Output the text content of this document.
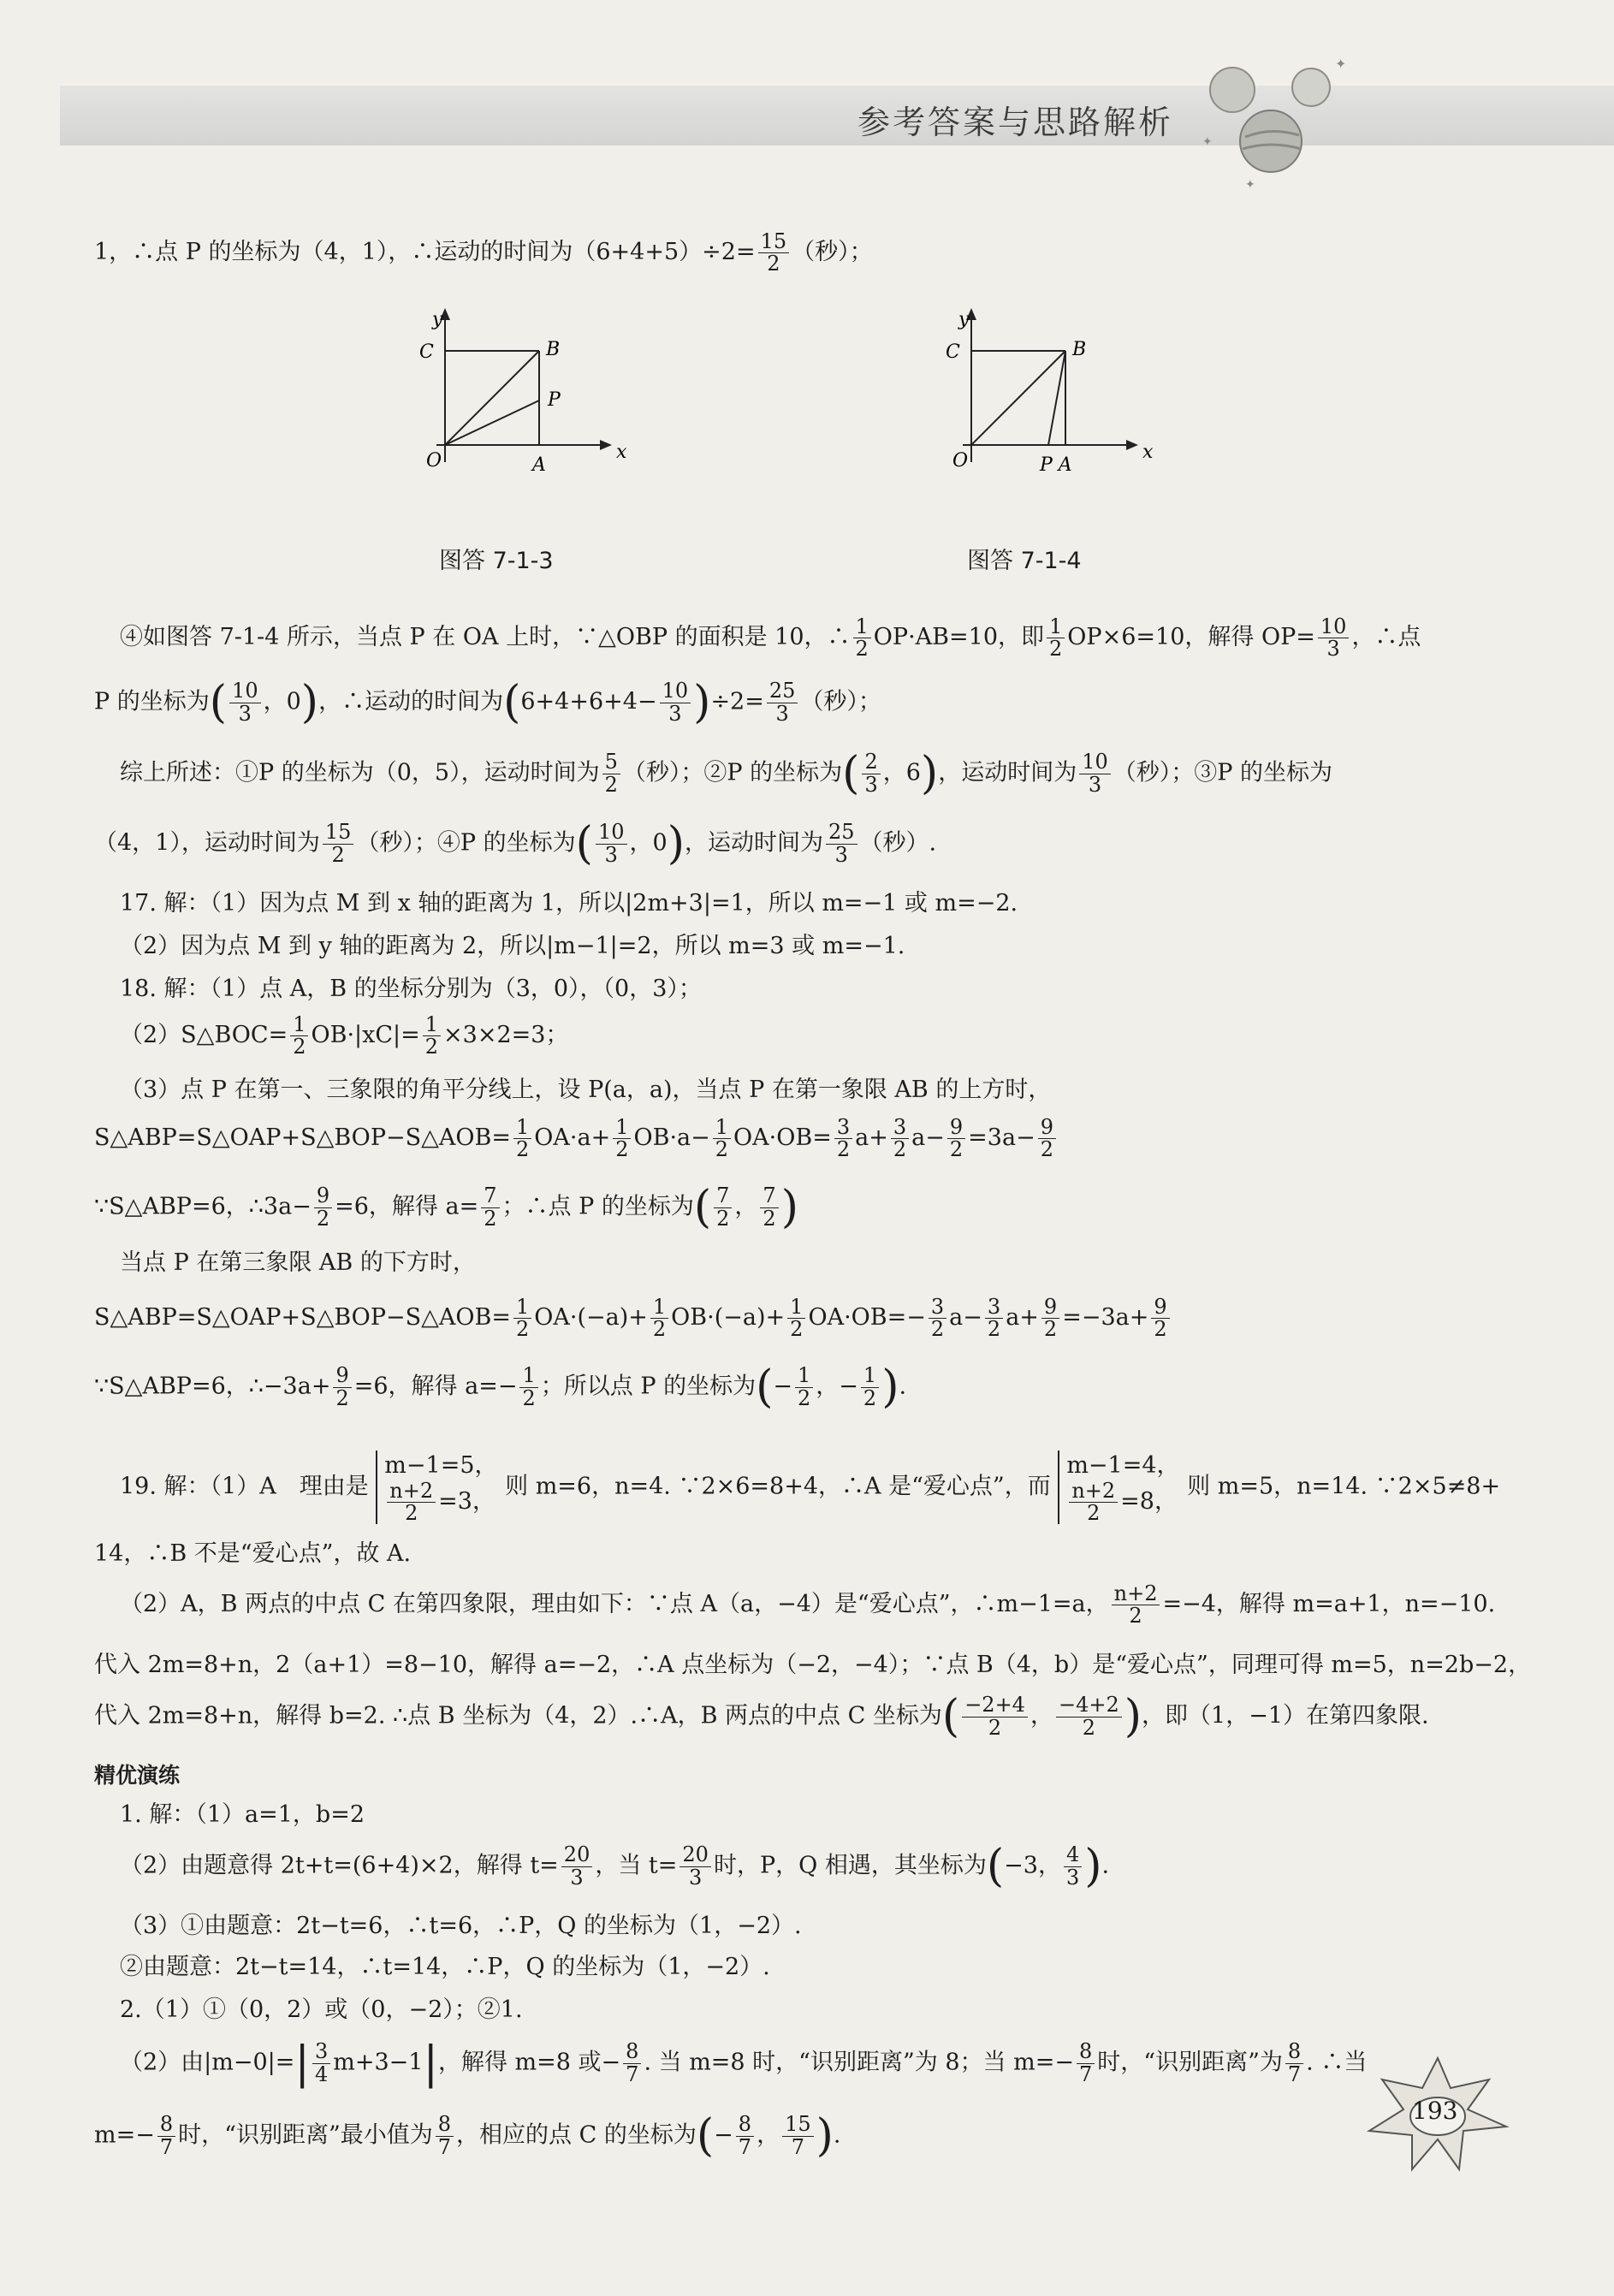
参考答案与思路解析
✦
✦
✦
1，∴点 P 的坐标为（4，1），∴运动的时间为$(6+4+5)\div 2= \frac{15}{2}$ （秒）；
y
x
O
C	B
P
A
图答 7-1-3
y
x
O
C	B
P A
图答 7-1-4
④如图答 7-1-4 所示，当点 P 在 OA 上时，∵△OBP 的面积是 10，∴ $\frac{1}{2} OP\cdot AB=10$，即 $\frac{1}{2} OP\times 6=10$，解得 $OP= \frac{10}{3}$ ，∴点
P 的坐标为( $\frac{10}{3}$ ，0)，∴运动的时间为$(6+4+6+4- \frac{10}{3} )\div 2= \frac{25}{3}$ （秒）；
综上所述：①P 的坐标为（0，5），运动时间为 $\frac{5}{2}$ （秒）；②P 的坐标为( $\frac{2}{3}$ ，6)，运动时间为 $\frac{10}{3}$ （秒）；③P 的坐标为
（4，1），运动时间为 $\frac{15}{2}$ （秒）；④P 的坐标为( $\frac{10}{3}$ ，0)，运动时间为 $\frac{25}{3}$ （秒）.
17. 解：（1）因为点 M 到 x 轴的距离为 1，所以|2m+3|=1，所以 m=−1 或 m=−2.
（2）因为点 M 到 y 轴的距离为 2，所以|m−1|=2，所以 m=3 或 m=−1.
18. 解：（1）点 A，B 的坐标分别为（3，0），（0，3）；
（2）S△BOC= $\frac{1}{2} OB\cdot|xC|= \frac{1}{2} \times 3\times 2=3$；
（3）点 P 在第一、三象限的角平分线上，设 P(a，a)，当点 P 在第一象限 AB 的上方时，
S△ABP=S△OAP+S△BOP−S△AOB= $\frac{1}{2} OA\cdot a+ \frac{1}{2} OB\cdot a- \frac{1}{2} OA\cdot OB= \frac{3}{2} a+ \frac{3}{2} a- \frac{9}{2} =3a- \frac{9}{2}$
∵S△ABP=6，∴3a− $\frac{9}{2} =6$，解得 $a= \frac{7}{2}$ ；∴点 P 的坐标为( $\frac{7}{2}$ ， $\frac{7}{2}$ )
当点 P 在第三象限 AB 的下方时，
S△ABP=S△OAP+S△BOP−S△AOB= $\frac{1}{2} OA\cdot(-a)+ \frac{1}{2} OB\cdot(-a)+ \frac{1}{2} OA\cdot OB=- \frac{3}{2} a- \frac{3}{2} a+ \frac{9}{2} =-3a+ \frac{9}{2}$
∵S△ABP=6，∴−3a+ $\frac{9}{2} =6$，解得 $a=- \frac{1}{2}$ ；所以点 P 的坐标为(− $\frac{1}{2}$ ，− $\frac{1}{2}$ ).
19. 解：（1）A　理由是 m−1=5，

$\frac{n+2}{2} =3$， 则 m=6，n=4. ∵2×6=8+4，∴A 是“爱心点”，而 m−1=4，

$\frac{n+2}{2} =8$， 则 m=5，n=14. ∵2×5≠8+
14，∴B 不是“爱心点”，故 A.
（2）A，B 两点的中点 C 在第四象限，理由如下：∵点 A（a，−4）是“爱心点”，∴m−1=a， $\frac{n+2}{2} =-4$，解得 m=a+1，n=−10.
代入 2m=8+n，2（a+1）=8−10，解得 a=−2，∴A 点坐标为（−2，−4）；∵点 B（4，b）是“爱心点”，同理可得 m=5，n=2b−2，
代入 2m=8+n，解得 b=2. ∴点 B 坐标为（4，2）.∴A，B 两点的中点 C 坐标为( $\frac{-2+4}{2}$ ， $\frac{-4+2}{2}$ )，即（1，−1）在第四象限.
精优演练
1. 解：（1）a=1，b=2
（2）由题意得 2t+t=(6+4)×2，解得 $t= \frac{20}{3}$ ，当 $t= \frac{20}{3}$ 时，P，Q 相遇，其坐标为(−3， $\frac{4}{3}$ ).
（3）①由题意：2t−t=6，∴t=6，∴P，Q 的坐标为（1，−2）.
②由题意：2t−t=14，∴t=14，∴P，Q 的坐标为（1，−2）.
2.（1）①（0，2）或（0，−2）；②1.
（2）由$|m-0|=| \frac{3}{4} m+3-1|$，解得 m=8 或− $\frac{8}{7}$ . 当 m=8 时，“识别距离”为 8；当 $m=- \frac{8}{7}$ 时，“识别距离”为 $\frac{8}{7}$ . ∴当
$m=- \frac{8}{7}$ 时，“识别距离”最小值为 $\frac{8}{7}$ ，相应的点 C 的坐标为(− $\frac{8}{7}$ ， $\frac{15}{7}$ ).
193
